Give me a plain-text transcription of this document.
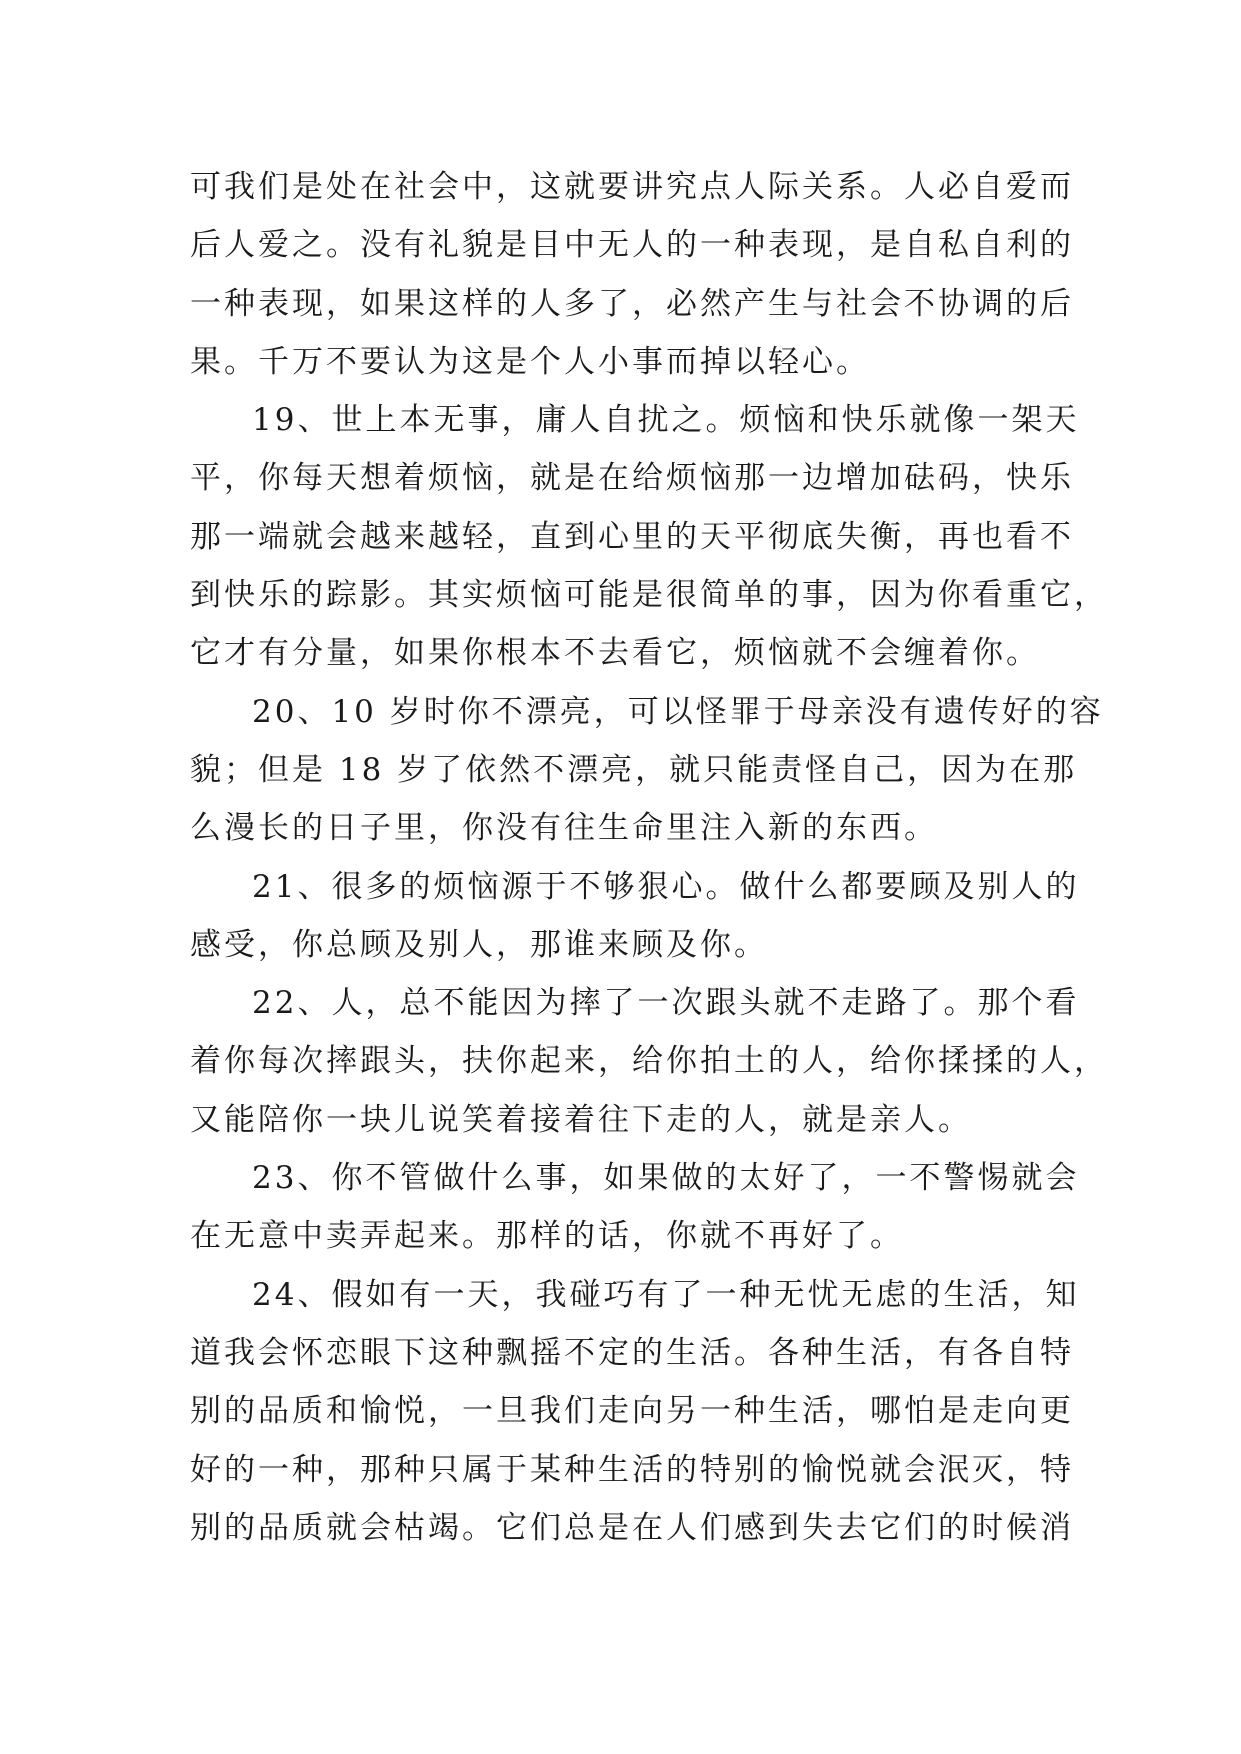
可我们是处在社会中，这就要讲究点人际关系。人必自爱而
后人爱之。没有礼貌是目中无人的一种表现，是自私自利的
一种表现，如果这样的人多了，必然产生与社会不协调的后
果。千万不要认为这是个人小事而掉以轻心。
19、世上本无事，庸人自扰之。烦恼和快乐就像一架天
平，你每天想着烦恼，就是在给烦恼那一边增加砝码，快乐
那一端就会越来越轻，直到心里的天平彻底失衡，再也看不
到快乐的踪影。其实烦恼可能是很简单的事，因为你看重它，
它才有分量，如果你根本不去看它，烦恼就不会缠着你。
20、10 岁时你不漂亮，可以怪罪于母亲没有遗传好的容
貌；但是 18 岁了依然不漂亮，就只能责怪自己，因为在那
么漫长的日子里，你没有往生命里注入新的东西。
21、很多的烦恼源于不够狠心。做什么都要顾及别人的
感受，你总顾及别人，那谁来顾及你。
22、人，总不能因为摔了一次跟头就不走路了。那个看
着你每次摔跟头，扶你起来，给你拍土的人，给你揉揉的人，
又能陪你一块儿说笑着接着往下走的人，就是亲人。
23、你不管做什么事，如果做的太好了，一不警惕就会
在无意中卖弄起来。那样的话，你就不再好了。
24、假如有一天，我碰巧有了一种无忧无虑的生活，知
道我会怀恋眼下这种飘摇不定的生活。各种生活，有各自特
别的品质和愉悦，一旦我们走向另一种生活，哪怕是走向更
好的一种，那种只属于某种生活的特别的愉悦就会泯灭，特
别的品质就会枯竭。它们总是在人们感到失去它们的时候消
